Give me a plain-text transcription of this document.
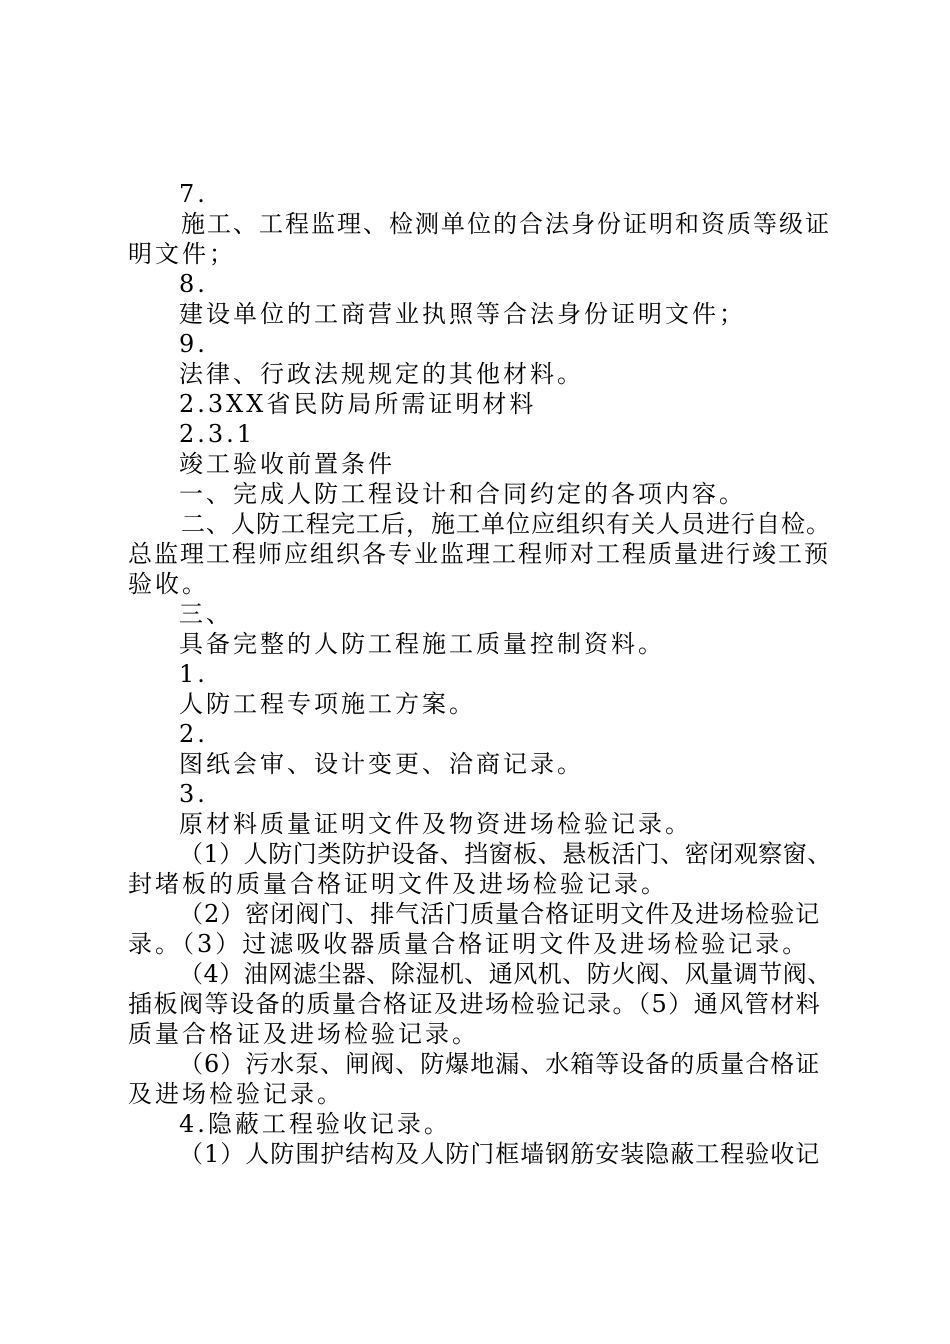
7.
施工、工程监理、检测单位的合法身份证明和资质等级证
明文件；
8.
建设单位的工商营业执照等合法身份证明文件；
9.
法律、行政法规规定的其他材料。
2.3XX省民防局所需证明材料
2.3.1
竣工验收前置条件
一、完成人防工程设计和合同约定的各项内容。
二、人防工程完工后，施工单位应组织有关人员进行自检。
总监理工程师应组织各专业监理工程师对工程质量进行竣工预
验收。
三、
具备完整的人防工程施工质量控制资料。
1.
人防工程专项施工方案。
2.
图纸会审、设计变更、洽商记录。
3.
原材料质量证明文件及物资进场检验记录。
（1）人防门类防护设备、挡窗板、悬板活门、密闭观察窗、
封堵板的质量合格证明文件及进场检验记录。
（2）密闭阀门、排气活门质量合格证明文件及进场检验记
录。（3）过滤吸收器质量合格证明文件及进场检验记录。
（4）油网滤尘器、除湿机、通风机、防火阀、风量调节阀、
插板阀等设备的质量合格证及进场检验记录。（5）通风管材料
质量合格证及进场检验记录。
（6）污水泵、闸阀、防爆地漏、水箱等设备的质量合格证
及进场检验记录。
4.隐蔽工程验收记录。
（1）人防围护结构及人防门框墙钢筋安装隐蔽工程验收记
